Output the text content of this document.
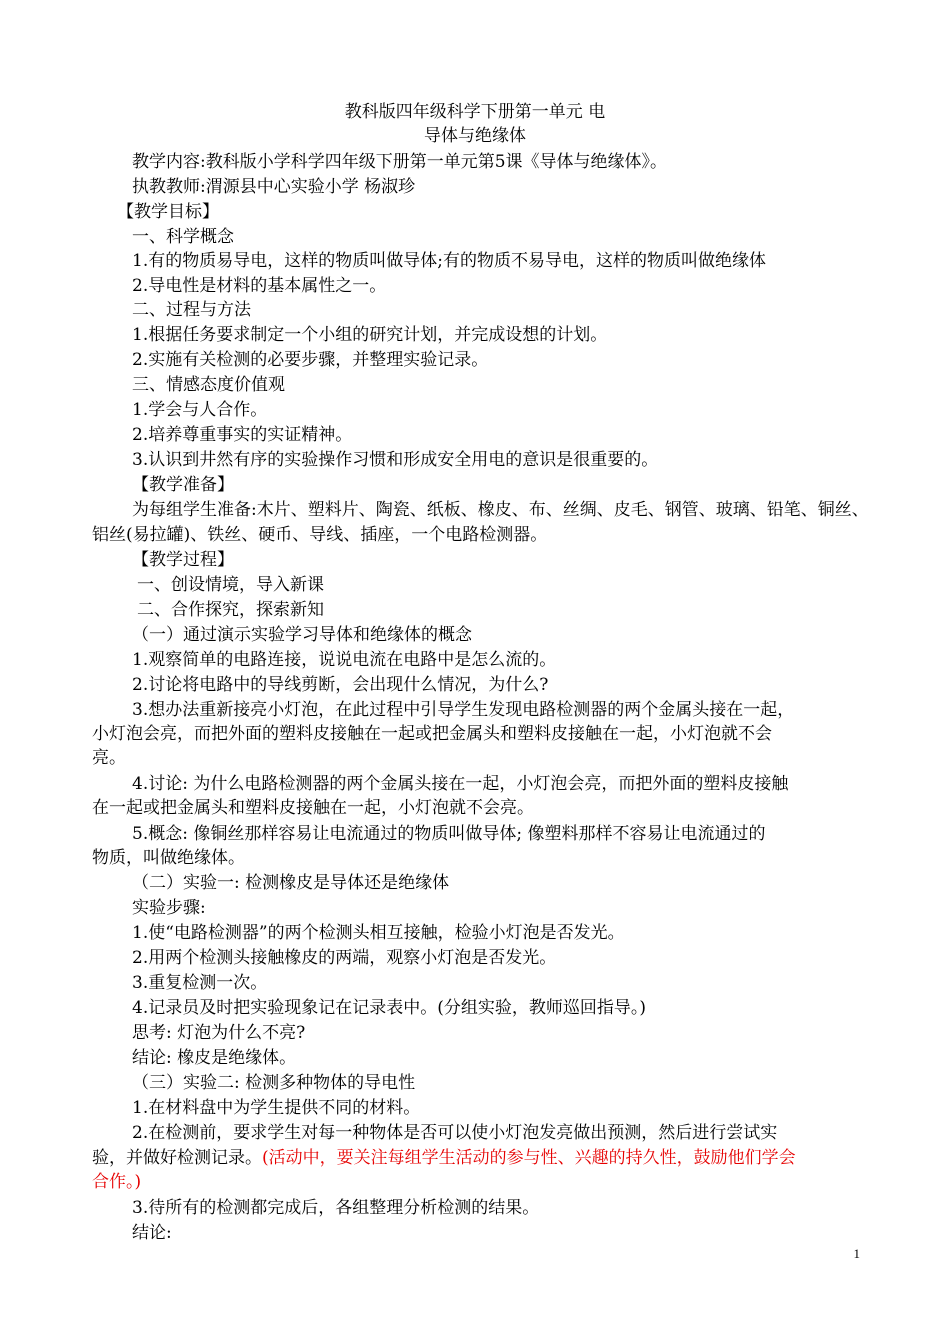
教科版四年级科学下册第一单元 电
导体与绝缘体
教学内容:教科版小学科学四年级下册第一单元第5课《导体与绝缘体》。
执教教师:渭源县中心实验小学 杨淑珍
【教学目标】
一、科学概念
1.有的物质易导电，这样的物质叫做导体;有的物质不易导电，这样的物质叫做绝缘体
2.导电性是材料的基本属性之一。
二、过程与方法
1.根据任务要求制定一个小组的研究计划，并完成设想的计划。
2.实施有关检测的必要步骤，并整理实验记录。
三、情感态度价值观
1.学会与人合作。
2.培养尊重事实的实证精神。
3.认识到井然有序的实验操作习惯和形成安全用电的意识是很重要的。
【教学准备】
为每组学生准备:木片、塑料片、陶瓷、纸板、橡皮、布、丝绸、皮毛、钢管、玻璃、铅笔、铜丝、
铝丝(易拉罐)、铁丝、硬币、导线、插座，一个电路检测器。
【教学过程】
一、创设情境，导入新课
二、合作探究，探索新知
（一）通过演示实验学习导体和绝缘体的概念
1.观察简单的电路连接，说说电流在电路中是怎么流的。
2.讨论将电路中的导线剪断，会出现什么情况，为什么?
3.想办法重新接亮小灯泡，在此过程中引导学生发现电路检测器的两个金属头接在一起，
小灯泡会亮，而把外面的塑料皮接触在一起或把金属头和塑料皮接触在一起，小灯泡就不会
亮。
4.讨论: 为什么电路检测器的两个金属头接在一起，小灯泡会亮，而把外面的塑料皮接触
在一起或把金属头和塑料皮接触在一起，小灯泡就不会亮。
5.概念: 像铜丝那样容易让电流通过的物质叫做导体; 像塑料那样不容易让电流通过的
物质，叫做绝缘体。
（二）实验一: 检测橡皮是导体还是绝缘体
实验步骤:
1.使“电路检测器”的两个检测头相互接触，检验小灯泡是否发光。
2.用两个检测头接触橡皮的两端，观察小灯泡是否发光。
3.重复检测一次。
4.记录员及时把实验现象记在记录表中。(分组实验，教师巡回指导。)
思考: 灯泡为什么不亮?
结论: 橡皮是绝缘体。
（三）实验二: 检测多种物体的导电性
1.在材料盘中为学生提供不同的材料。
2.在检测前，要求学生对每一种物体是否可以使小灯泡发亮做出预测，然后进行尝试实
验，并做好检测记录。(活动中，要关注每组学生活动的参与性、兴趣的持久性，鼓励他们学会
合作。)
3.待所有的检测都完成后，各组整理分析检测的结果。
结论:
1
